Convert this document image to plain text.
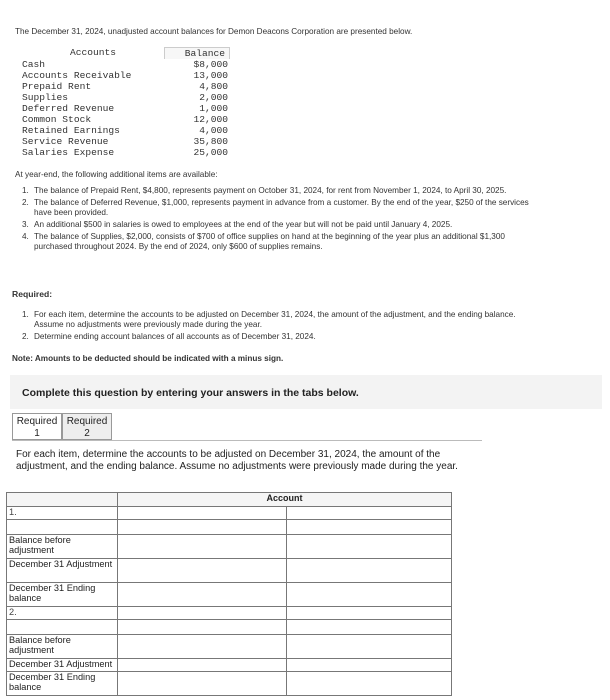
The December 31, 2024, unadjusted account balances for Demon Deacons Corporation are presented below.
Accounts	Balance
Cash	$8,000
Accounts Receivable	13,000
Prepaid Rent	4,800
Supplies	2,000
Deferred Revenue	1,000
Common Stock	12,000
Retained Earnings	4,000
Service Revenue	35,800
Salaries Expense	25,000
At year-end, the following additional items are available:
1. The balance of Prepaid Rent, $4,800, represents payment on October 31, 2024, for rent from November 1, 2024, to April 30, 2025.
2. The balance of Deferred Revenue, $1,000, represents payment in advance from a customer. By the end of the year, $250 of the services have been provided.
3. An additional $500 in salaries is owed to employees at the end of the year but will not be paid until January 4, 2025.
4. The balance of Supplies, $2,000, consists of $700 of office supplies on hand at the beginning of the year plus an additional $1,300 purchased throughout 2024. By the end of 2024, only $600 of supplies remains.
Required:
1. For each item, determine the accounts to be adjusted on December 31, 2024, the amount of the adjustment, and the ending balance. Assume no adjustments were previously made during the year.
2. Determine ending account balances of all accounts as of December 31, 2024.
Note: Amounts to be deducted should be indicated with a minus sign.
Complete this question by entering your answers in the tabs below.
Required
1
Required
2
For each item, determine the accounts to be adjusted on December 31, 2024, the amount of the adjustment, and the ending balance. Assume no adjustments were previously made during the year.
	Account	
1.		

Balance before adjustment		
December 31 Adjustment		
December 31 Ending balance		
2.		

Balance before adjustment		
December 31 Adjustment		
December 31 Ending balance		
